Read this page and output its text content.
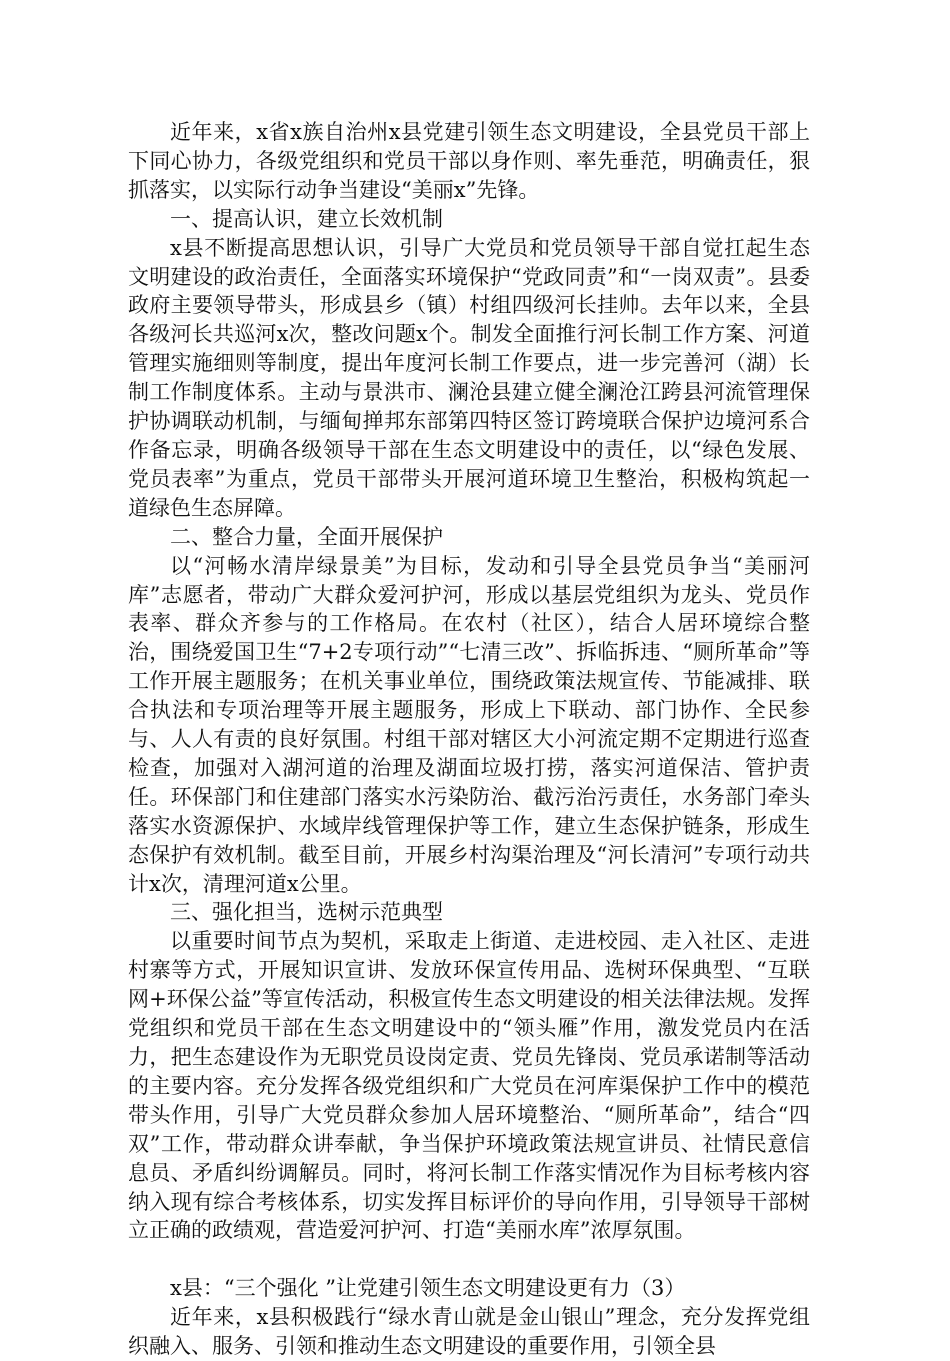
近年来，x省x族自治州x县党建引领生态文明建设，全县党员干部上下同心协力，各级党组织和党员干部以身作则、率先垂范，明确责任，狠抓落实，以实际行动争当建设“美丽x”先锋。

一、提高认识，建立长效机制

x县不断提高思想认识，引导广大党员和党员领导干部自觉扛起生态文明建设的政治责任，全面落实环境保护“党政同责”和“一岗双责”。县委政府主要领导带头，形成县乡（镇）村组四级河长挂帅。去年以来，全县各级河长共巡河x次，整改问题x个。制发全面推行河长制工作方案、河道管理实施细则等制度，提出年度河长制工作要点，进一步完善河（湖）长制工作制度体系。主动与景洪市、澜沧县建立健全澜沧江跨县河流管理保护协调联动机制，与缅甸掸邦东部第四特区签订跨境联合保护边境河系合作备忘录，明确各级领导干部在生态文明建设中的责任，以“绿色发展、党员表率”为重点，党员干部带头开展河道环境卫生整治，积极构筑起一道绿色生态屏障。

二、整合力量，全面开展保护

以“河畅水清岸绿景美”为目标，发动和引导全县党员争当“美丽河库”志愿者，带动广大群众爱河护河，形成以基层党组织为龙头、党员作表率、群众齐参与的工作格局。在农村（社区），结合人居环境综合整治，围绕爱国卫生“7+2专项行动”“七清三改”、拆临拆违、“厕所革命”等工作开展主题服务；在机关事业单位，围绕政策法规宣传、节能减排、联合执法和专项治理等开展主题服务，形成上下联动、部门协作、全民参与、人人有责的良好氛围。村组干部对辖区大小河流定期不定期进行巡查检查，加强对入湖河道的治理及湖面垃圾打捞，落实河道保洁、管护责任。环保部门和住建部门落实水污染防治、截污治污责任，水务部门牵头落实水资源保护、水域岸线管理保护等工作，建立生态保护链条，形成生态保护有效机制。截至目前，开展乡村沟渠治理及“河长清河”专项行动共计x次，清理河道x公里。

三、强化担当，选树示范典型

以重要时间节点为契机，采取走上街道、走进校园、走入社区、走进村寨等方式，开展知识宣讲、发放环保宣传用品、选树环保典型、“互联网+环保公益”等宣传活动，积极宣传生态文明建设的相关法律法规。发挥党组织和党员干部在生态文明建设中的“领头雁”作用，激发党员内在活力，把生态建设作为无职党员设岗定责、党员先锋岗、党员承诺制等活动的主要内容。充分发挥各级党组织和广大党员在河库渠保护工作中的模范带头作用，引导广大党员群众参加人居环境整治、“厕所革命”，结合“四双”工作，带动群众讲奉献，争当保护环境政策法规宣讲员、社情民意信息员、矛盾纠纷调解员。同时，将河长制工作落实情况作为目标考核内容纳入现有综合考核体系，切实发挥目标评价的导向作用，引导领导干部树立正确的政绩观，营造爱河护河、打造“美丽水库”浓厚氛围。

x县：“三个强化 ”让党建引领生态文明建设更有力（3）

近年来，x县积极践行“绿水青山就是金山银山”理念，充分发挥党组织融入、服务、引领和推动生态文明建设的重要作用，引领全县
